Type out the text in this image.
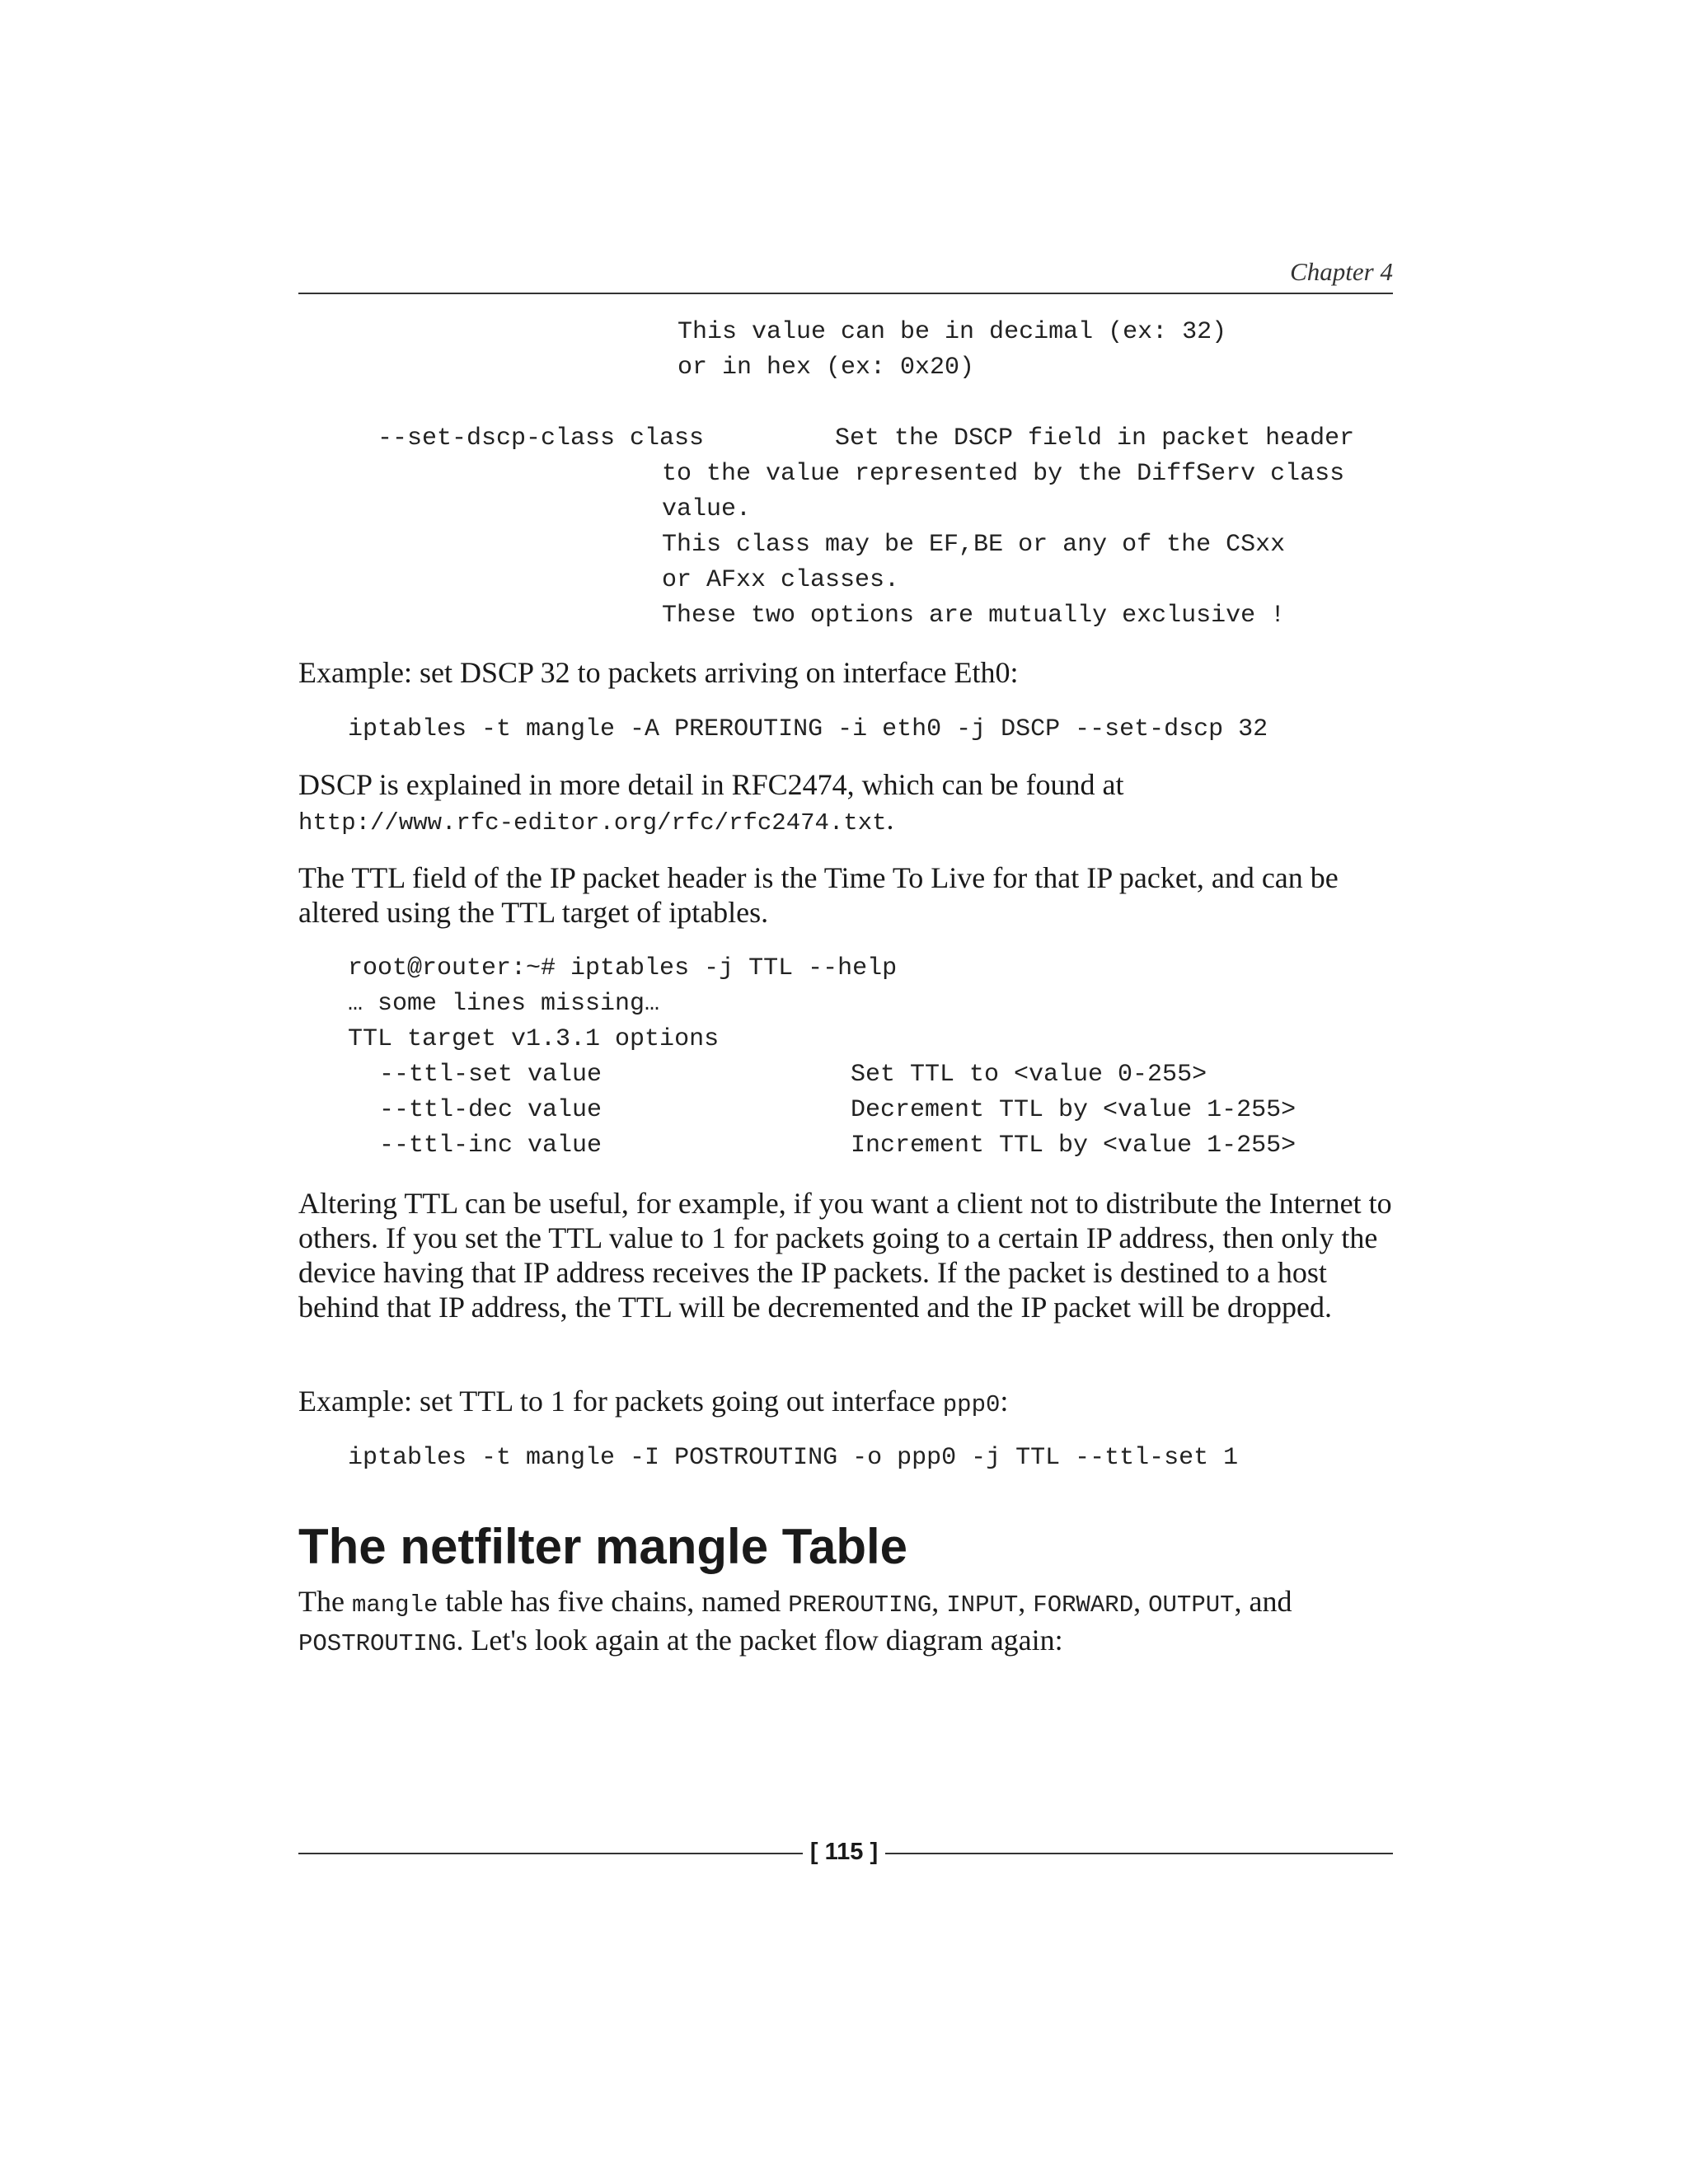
Chapter 4
This value can be in decimal (ex: 32)
or in hex (ex: 0x20)
--set-dscp-class class	Set the DSCP field in packet header
to the value represented by the DiffServ class
value.
This class may be EF,BE or any of the CSxx
or AFxx classes.
These two options are mutually exclusive !
Example: set DSCP 32 to packets arriving on interface Eth0:
iptables -t mangle -A PREROUTING -i eth0 -j DSCP --set-dscp 32
DSCP is explained in more detail in RFC2474, which can be found at
http://www.rfc-editor.org/rfc/rfc2474.txt.
The TTL field of the IP packet header is the Time To Live for that IP packet, and can be altered using the TTL target of iptables.
root@router:~# iptables -j TTL --help
… some lines missing…
TTL target v1.3.1 options
--ttl-set value	Set TTL to <value 0-255>
--ttl-dec value	Decrement TTL by <value 1-255>
--ttl-inc value	Increment TTL by <value 1-255>
Altering TTL can be useful, for example, if you want a client not to distribute the Internet to others. If you set the TTL value to 1 for packets going to a certain IP address, then only the device having that IP address receives the IP packets. If the packet is destined to a host behind that IP address, the TTL will be decremented and the IP packet will be dropped.
Example: set TTL to 1 for packets going out interface ppp0:
iptables -t mangle -I POSTROUTING -o ppp0 -j TTL --ttl-set 1
The netfilter mangle Table
The mangle table has five chains, named PREROUTING, INPUT, FORWARD, OUTPUT, and
POSTROUTING. Let's look again at the packet flow diagram again:
[ 115 ]
